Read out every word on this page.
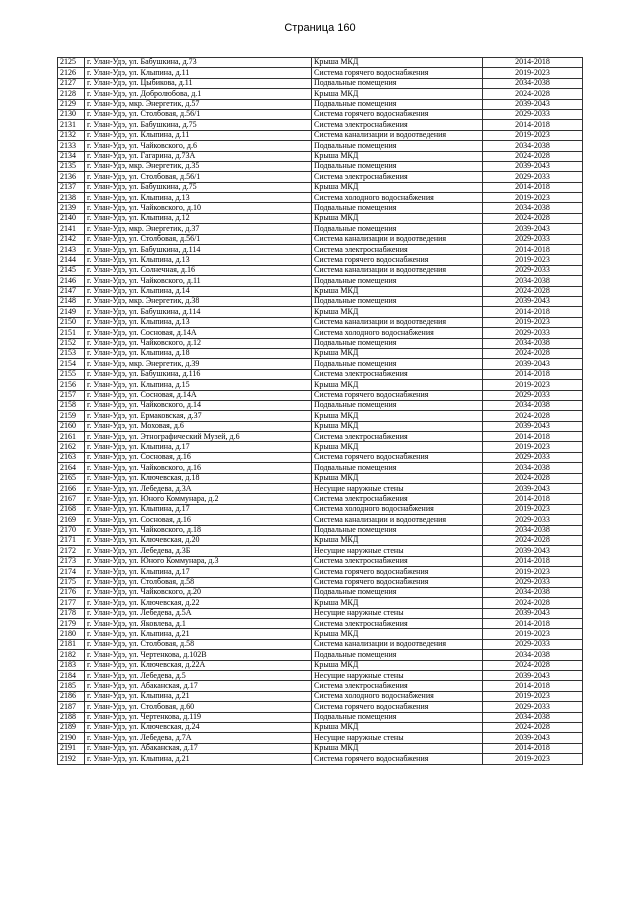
Страница 160
2125	г. Улан-Удэ, ул. Бабушкина, д.73	Крыша МКД	2014-2018
2126	г. Улан-Удэ, ул. Клыпина, д.11	Система горячего водоснабжения	2019-2023
2127	г. Улан-Удэ, ул. Цыбикова, д.11	Подвальные помещения	2034-2038
2128	г. Улан-Удэ, ул. Добролюбова, д.1	Крыша МКД	2024-2028
2129	г. Улан-Удэ, мкр. Энергетик, д.57	Подвальные помещения	2039-2043
2130	г. Улан-Удэ, ул. Столбовая, д.56/1	Система горячего водоснабжения	2029-2033
2131	г. Улан-Удэ, ул. Бабушкина, д.75	Система электроснабжения	2014-2018
2132	г. Улан-Удэ, ул. Клыпина, д.11	Система канализации и водоотведения	2019-2023
2133	г. Улан-Удэ, ул. Чайковского, д.6	Подвальные помещения	2034-2038
2134	г. Улан-Удэ, ул. Гагарина, д.73А	Крыша МКД	2024-2028
2135	г. Улан-Удэ, мкр. Энергетик, д.35	Подвальные помещения	2039-2043
2136	г. Улан-Удэ, ул. Столбовая, д.56/1	Система электроснабжения	2029-2033
2137	г. Улан-Удэ, ул. Бабушкина, д.75	Крыша МКД	2014-2018
2138	г. Улан-Удэ, ул. Клыпина, д.13	Система холодного водоснабжения	2019-2023
2139	г. Улан-Удэ, ул. Чайковского, д.10	Подвальные помещения	2034-2038
2140	г. Улан-Удэ, ул. Клыпина, д.12	Крыша МКД	2024-2028
2141	г. Улан-Удэ, мкр. Энергетик, д.37	Подвальные помещения	2039-2043
2142	г. Улан-Удэ, ул. Столбовая, д.56/1	Система канализации и водоотведения	2029-2033
2143	г. Улан-Удэ, ул. Бабушкина, д.114	Система электроснабжения	2014-2018
2144	г. Улан-Удэ, ул. Клыпина, д.13	Система горячего водоснабжения	2019-2023
2145	г. Улан-Удэ, ул. Солнечная, д.16	Система канализации и водоотведения	2029-2033
2146	г. Улан-Удэ, ул. Чайковского, д.11	Подвальные помещения	2034-2038
2147	г. Улан-Удэ, ул. Клыпина, д.14	Крыша МКД	2024-2028
2148	г. Улан-Удэ, мкр. Энергетик, д.38	Подвальные помещения	2039-2043
2149	г. Улан-Удэ, ул. Бабушкина, д.114	Крыша МКД	2014-2018
2150	г. Улан-Удэ, ул. Клыпина, д.13	Система канализации и водоотведения	2019-2023
2151	г. Улан-Удэ, ул. Сосновая, д.14А	Система холодного водоснабжения	2029-2033
2152	г. Улан-Удэ, ул. Чайковского, д.12	Подвальные помещения	2034-2038
2153	г. Улан-Удэ, ул. Клыпина, д.18	Крыша МКД	2024-2028
2154	г. Улан-Удэ, мкр. Энергетик, д.39	Подвальные помещения	2039-2043
2155	г. Улан-Удэ, ул. Бабушкина, д.116	Система электроснабжения	2014-2018
2156	г. Улан-Удэ, ул. Клыпина, д.15	Крыша МКД	2019-2023
2157	г. Улан-Удэ, ул. Сосновая, д.14А	Система горячего водоснабжения	2029-2033
2158	г. Улан-Удэ, ул. Чайковского, д.14	Подвальные помещения	2034-2038
2159	г. Улан-Удэ, ул. Ермаковская, д.37	Крыша МКД	2024-2028
2160	г. Улан-Удэ, ул. Моховая, д.6	Крыша МКД	2039-2043
2161	г. Улан-Удэ, ул. Этнографический Музей, д.6	Система электроснабжения	2014-2018
2162	г. Улан-Удэ, ул. Клыпина, д.17	Крыша МКД	2019-2023
2163	г. Улан-Удэ, ул. Сосновая, д.16	Система горячего водоснабжения	2029-2033
2164	г. Улан-Удэ, ул. Чайковского, д.16	Подвальные помещения	2034-2038
2165	г. Улан-Удэ, ул. Ключевская, д.18	Крыша МКД	2024-2028
2166	г. Улан-Удэ, ул. Лебедева, д.3А	Несущие наружные стены	2039-2043
2167	г. Улан-Удэ, ул. Юного Коммунара, д.2	Система электроснабжения	2014-2018
2168	г. Улан-Удэ, ул. Клыпина, д.17	Система холодного водоснабжения	2019-2023
2169	г. Улан-Удэ, ул. Сосновая, д.16	Система канализации и водоотведения	2029-2033
2170	г. Улан-Удэ, ул. Чайковского, д.18	Подвальные помещения	2034-2038
2171	г. Улан-Удэ, ул. Ключевская, д.20	Крыша МКД	2024-2028
2172	г. Улан-Удэ, ул. Лебедева, д.3Б	Несущие наружные стены	2039-2043
2173	г. Улан-Удэ, ул. Юного Коммунара, д.3	Система электроснабжения	2014-2018
2174	г. Улан-Удэ, ул. Клыпина, д.17	Система горячего водоснабжения	2019-2023
2175	г. Улан-Удэ, ул. Столбовая, д.58	Система горячего водоснабжения	2029-2033
2176	г. Улан-Удэ, ул. Чайковского, д.20	Подвальные помещения	2034-2038
2177	г. Улан-Удэ, ул. Ключевская, д.22	Крыша МКД	2024-2028
2178	г. Улан-Удэ, ул. Лебедева, д.5А	Несущие наружные стены	2039-2043
2179	г. Улан-Удэ, ул. Яковлева, д.1	Система электроснабжения	2014-2018
2180	г. Улан-Удэ, ул. Клыпина, д.21	Крыша МКД	2019-2023
2181	г. Улан-Удэ, ул. Столбовая, д.58	Система канализации и водоотведения	2029-2033
2182	г. Улан-Удэ, ул. Чертенкова, д.102В	Подвальные помещения	2034-2038
2183	г. Улан-Удэ, ул. Ключевская, д.22А	Крыша МКД	2024-2028
2184	г. Улан-Удэ, ул. Лебедева, д.5	Несущие наружные стены	2039-2043
2185	г. Улан-Удэ, ул. Абаканская, д.17	Система электроснабжения	2014-2018
2186	г. Улан-Удэ, ул. Клыпина, д.21	Система холодного водоснабжения	2019-2023
2187	г. Улан-Удэ, ул. Столбовая, д.60	Система горячего водоснабжения	2029-2033
2188	г. Улан-Удэ, ул. Чертенкова, д.119	Подвальные помещения	2034-2038
2189	г. Улан-Удэ, ул. Ключевская, д.24	Крыша МКД	2024-2028
2190	г. Улан-Удэ, ул. Лебедева, д.7А	Несущие наружные стены	2039-2043
2191	г. Улан-Удэ, ул. Абаканская, д.17	Крыша МКД	2014-2018
2192	г. Улан-Удэ, ул. Клыпина, д.21	Система горячего водоснабжения	2019-2023
